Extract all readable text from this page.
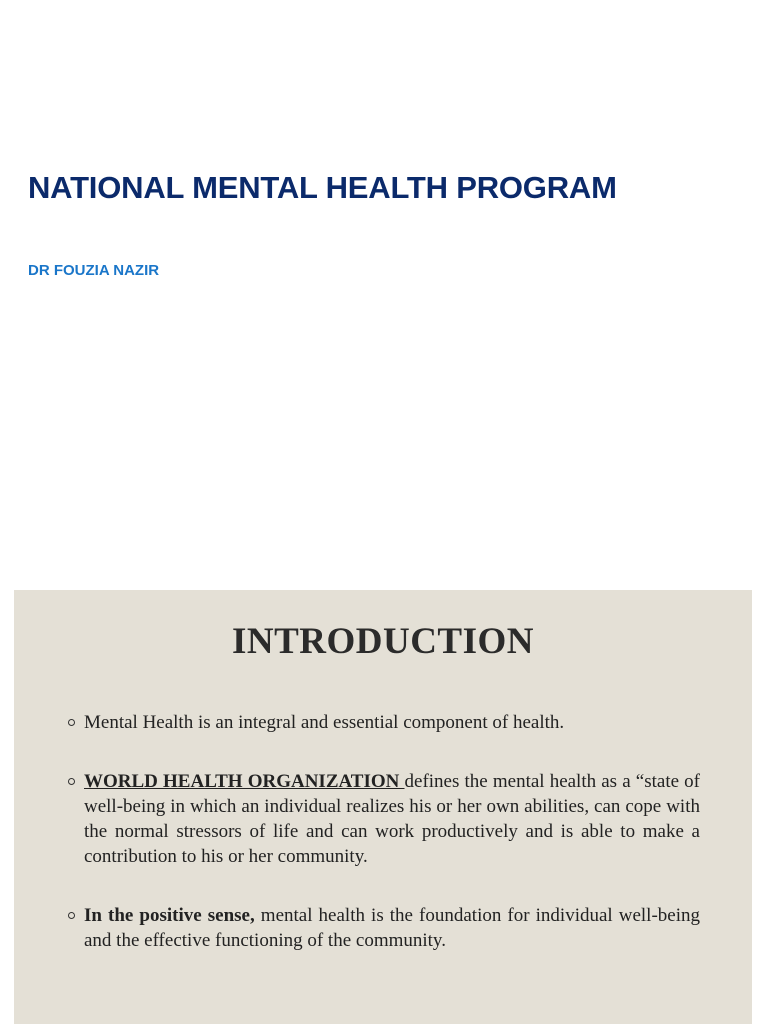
NATIONAL MENTAL HEALTH PROGRAM

DR FOUZIA NAZIR

INTRODUCTION
Mental Health is an integral and essential component of health.
WORLD HEALTH ORGANIZATION defines the mental health as a “state of well-being in which an individual realizes his or her own abilities, can cope with the normal stressors of life and can work productively and is able to make a contribution to his or her community.
In the positive sense, mental health is the foundation for individual well-being and the effective functioning of the community.
